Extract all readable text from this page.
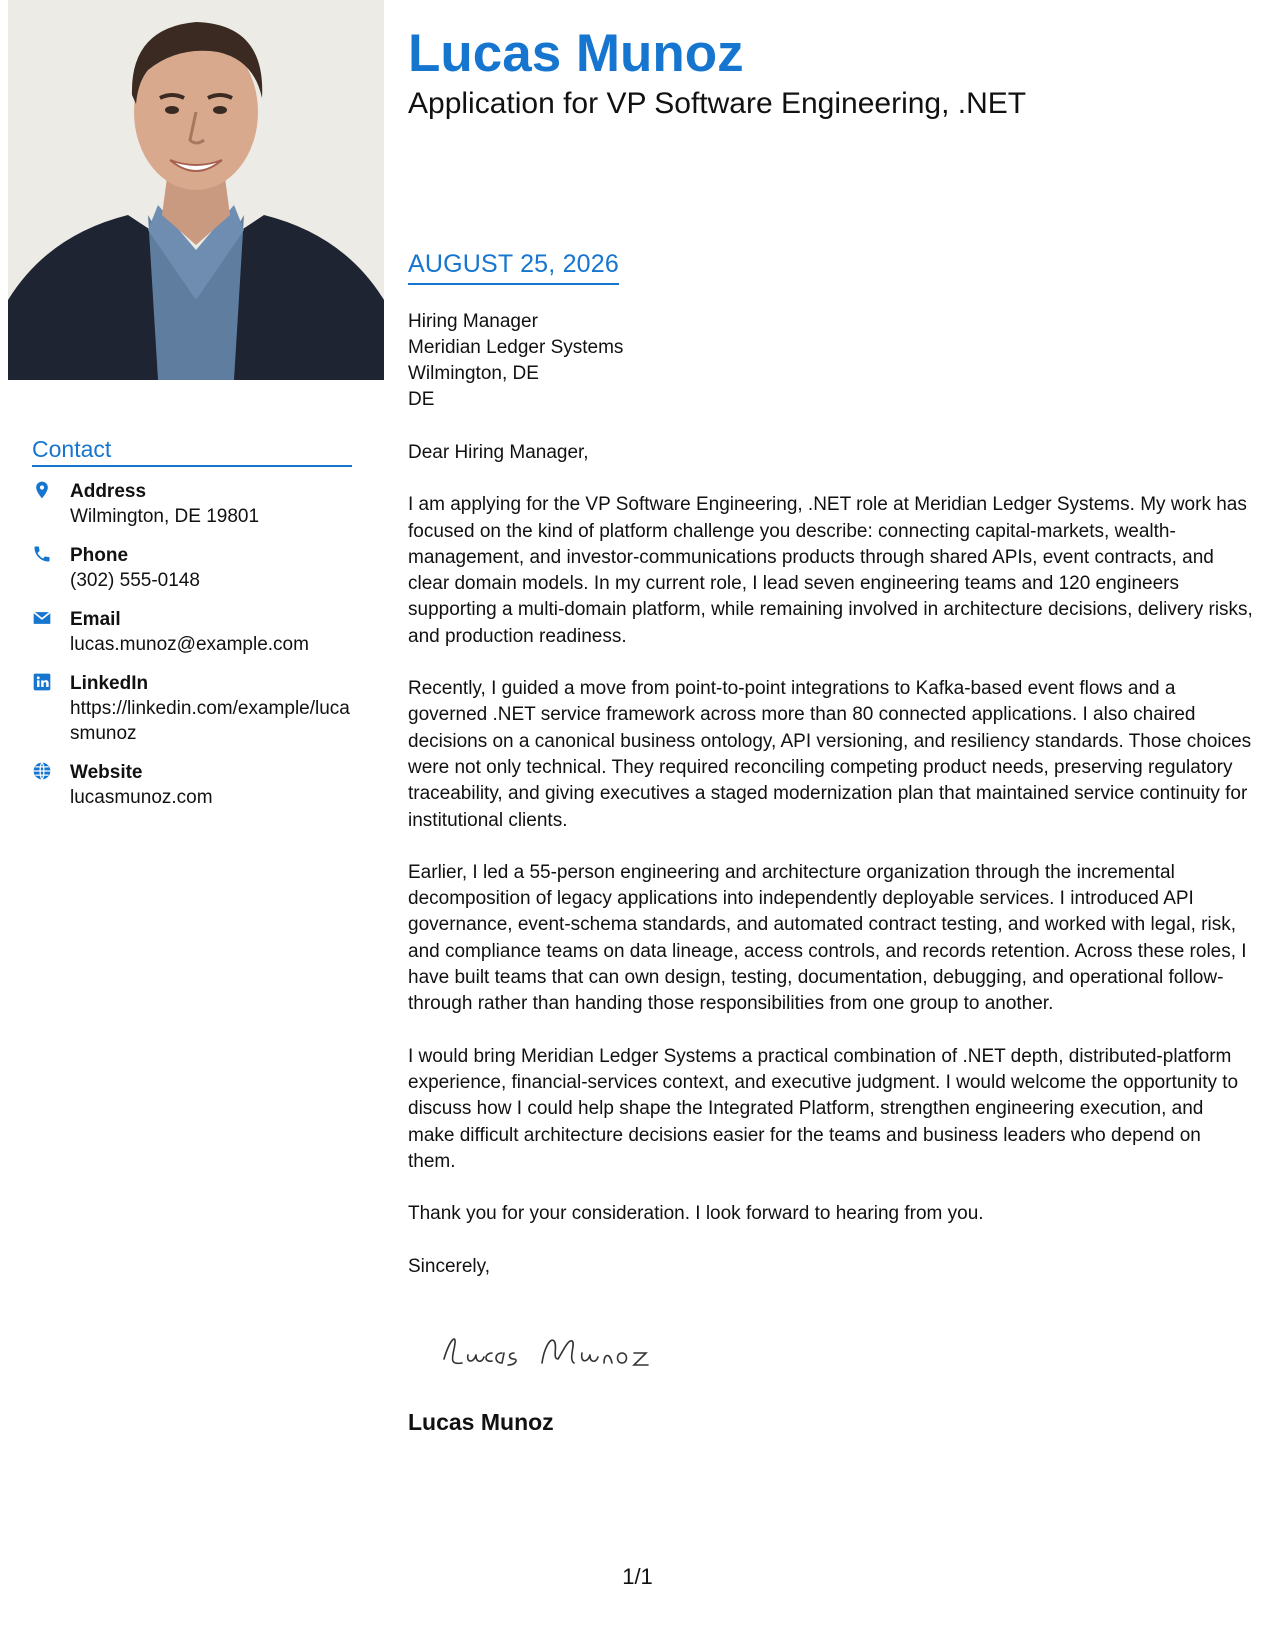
Contact
Address
Wilmington, DE 19801
Phone
(302) 555-0148
Email
lucas.munoz@example.com
LinkedIn
https://linkedin.com/example/lucasmunoz
Website
lucasmunoz.com
Lucas Munoz
Application for VP Software Engineering, .NET
AUGUST 25, 2026
Hiring Manager
Meridian Ledger Systems
Wilmington, DE
DE

Dear Hiring Manager,

I am applying for the VP Software Engineering, .NET role at Meridian Ledger Systems. My work has focused on the kind of platform challenge you describe: connecting capital-markets, wealth-management, and investor-communications products through shared APIs, event contracts, and clear domain models. In my current role, I lead seven engineering teams and 120 engineers supporting a multi-domain platform, while remaining involved in architecture decisions, delivery risks, and production readiness.

Recently, I guided a move from point-to-point integrations to Kafka-based event flows and a governed .NET service framework across more than 80 connected applications. I also chaired decisions on a canonical business ontology, API versioning, and resiliency standards. Those choices were not only technical. They required reconciling competing product needs, preserving regulatory traceability, and giving executives a staged modernization plan that maintained service continuity for institutional clients.

Earlier, I led a 55-person engineering and architecture organization through the incremental decomposition of legacy applications into independently deployable services. I introduced API governance, event-schema standards, and automated contract testing, and worked with legal, risk, and compliance teams on data lineage, access controls, and records retention. Across these roles, I have built teams that can own design, testing, documentation, debugging, and operational follow-through rather than handing those responsibilities from one group to another.

I would bring Meridian Ledger Systems a practical combination of .NET depth, distributed-platform experience, financial-services context, and executive judgment. I would welcome the opportunity to discuss how I could help shape the Integrated Platform, strengthen engineering execution, and make difficult architecture decisions easier for the teams and business leaders who depend on them.

Thank you for your consideration. I look forward to hearing from you.

Sincerely,
Lucas Munoz
1/1
